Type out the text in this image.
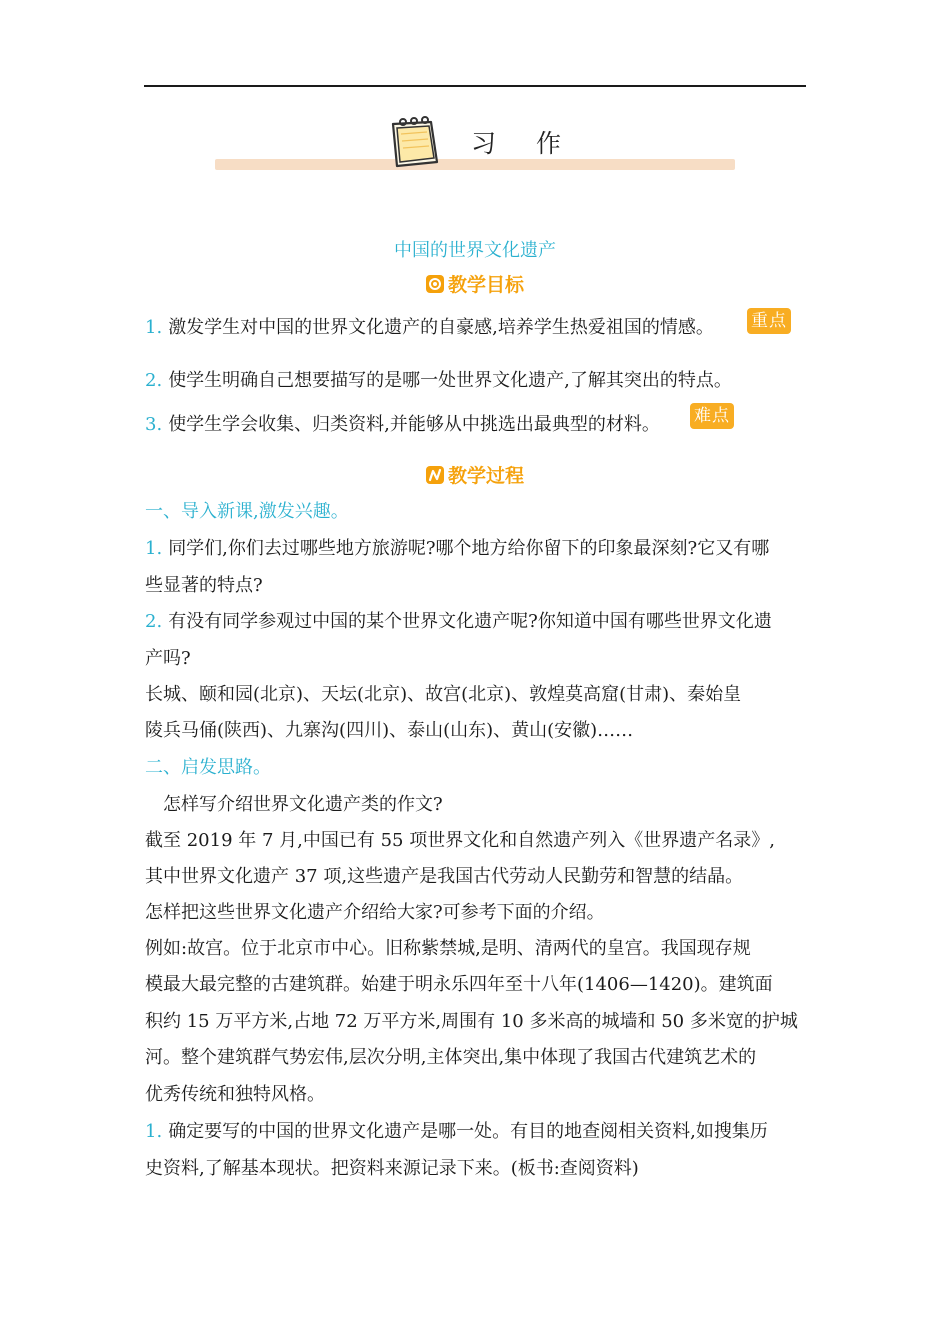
习作
中国的世界文化遗产
教学目标
1. 激发学生对中国的世界文化遗产的自豪感,培养学生热爱祖国的情感。 重点
2. 使学生明确自己想要描写的是哪一处世界文化遗产,了解其突出的特点。
3. 使学生学会收集、归类资料,并能够从中挑选出最典型的材料。 难点
教学过程
一、导入新课,激发兴趣。
1. 同学们,你们去过哪些地方旅游呢?哪个地方给你留下的印象最深刻?它又有哪
些显著的特点?
2. 有没有同学参观过中国的某个世界文化遗产呢?你知道中国有哪些世界文化遗
产吗?
长城、颐和园(北京)、天坛(北京)、故宫(北京)、敦煌莫高窟(甘肃)、秦始皇
陵兵马俑(陕西)、九寨沟(四川)、泰山(山东)、黄山(安徽)……
二、启发思路。
怎样写介绍世界文化遗产类的作文?
截至 2019 年 7 月,中国已有 55 项世界文化和自然遗产列入《世界遗产名录》,
其中世界文化遗产 37 项,这些遗产是我国古代劳动人民勤劳和智慧的结晶。
怎样把这些世界文化遗产介绍给大家?可参考下面的介绍。
例如:故宫。位于北京市中心。旧称紫禁城,是明、清两代的皇宫。我国现存规
模最大最完整的古建筑群。始建于明永乐四年至十八年(1406—1420)。建筑面
积约 15 万平方米,占地 72 万平方米,周围有 10 多米高的城墙和 50 多米宽的护城
河。整个建筑群气势宏伟,层次分明,主体突出,集中体现了我国古代建筑艺术的
优秀传统和独特风格。
1. 确定要写的中国的世界文化遗产是哪一处。有目的地查阅相关资料,如搜集历
史资料,了解基本现状。把资料来源记录下来。(板书:查阅资料)
